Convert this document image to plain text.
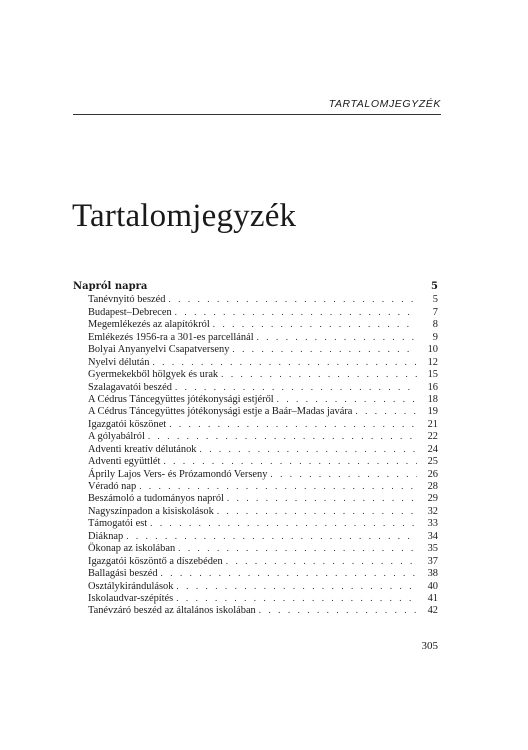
TARTALOMJEGYZÉK
Tartalomjegyzék
Napról napra	5
Tanévnyitó beszéd . . .	5
Budapest–Debrecen . . .	7
Megemlékezés az alapítókról . . .	8
Emlékezés 1956-ra a 301-es parcellánál . . .	9
Bolyai Anyanyelvi Csapatverseny . . .	10
Nyelvi délután . . .	12
Gyermekekből hölgyek és urak . . .	15
Szalagavatói beszéd . . .	16
A Cédrus Táncegyüttes jótékonysági estjéről . . .	18
A Cédrus Táncegyüttes jótékonysági estje a Baár–Madas javára . . .	19
Igazgatói köszönet . . .	21
A gólyabálról . . .	22
Adventi kreatív délutánok . . .	24
Adventi együttlét . . .	25
Áprily Lajos Vers- és Prózamondó Verseny . . .	26
Véradó nap . . .	28
Beszámoló a tudományos napról . . .	29
Nagyszínpadon a kisiskolások . . .	32
Támogatói est . . .	33
Diáknap . . .	34
Ökonap az iskolában . . .	35
Igazgatói köszöntő a díszebéden . . .	37
Ballagási beszéd . . .	38
Osztálykirándulások . . .	40
Iskolaudvar-szépítés . . .	41
Tanévzáró beszéd az általános iskolában . . .	42
305
